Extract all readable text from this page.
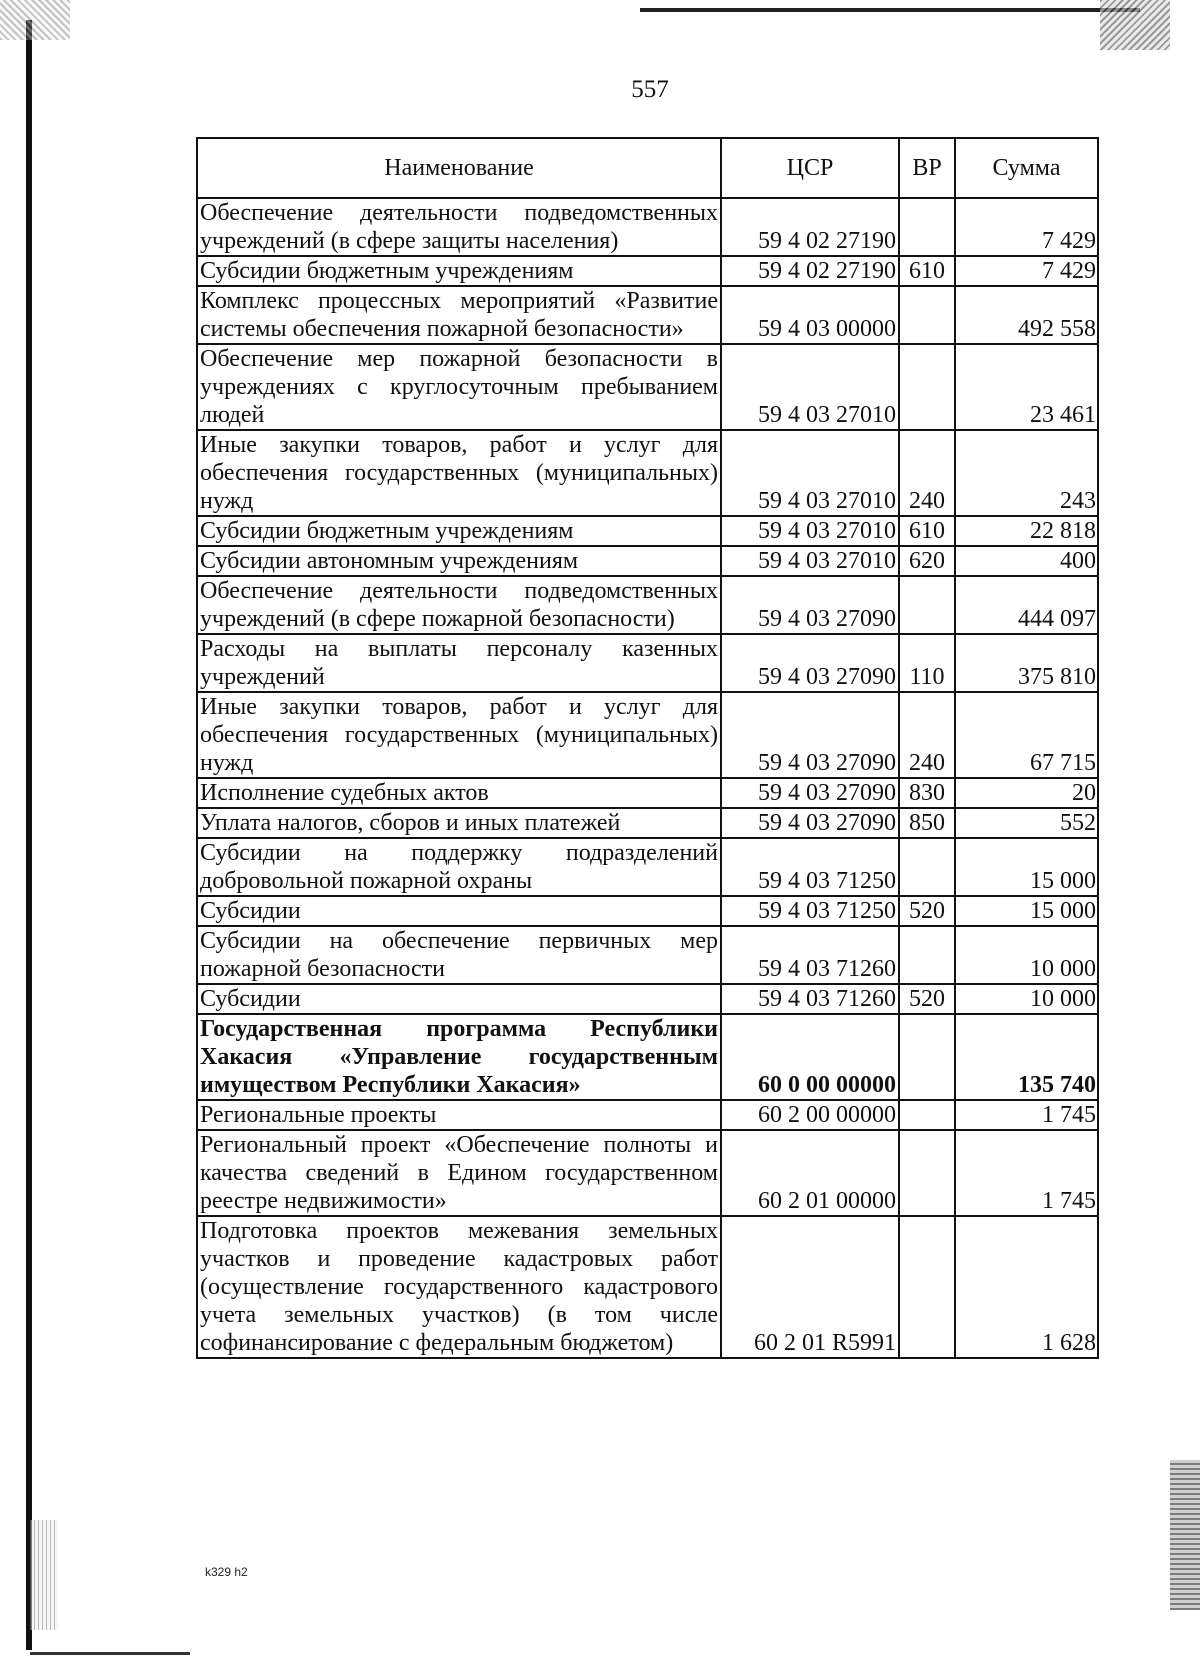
557
Наименование	ЦСР	ВР	Сумма
Обеспечение деятельности подведомственных учреждений (в сфере защиты населения)	59 4 02 27190		7 429
Субсидии бюджетным учреждениям	59 4 02 27190	610	7 429
Комплекс процессных мероприятий «Развитие системы обеспечения пожарной безопасности»	59 4 03 00000		492 558
Обеспечение мер пожарной безопасности в учреждениях с круглосуточным пребыванием людей	59 4 03 27010		23 461
Иные закупки товаров, работ и услуг для обеспечения государственных (муниципальных) нужд	59 4 03 27010	240	243
Субсидии бюджетным учреждениям	59 4 03 27010	610	22 818
Субсидии автономным учреждениям	59 4 03 27010	620	400
Обеспечение деятельности подведомственных учреждений (в сфере пожарной безопасности)	59 4 03 27090		444 097
Расходы на выплаты персоналу казенных учреждений	59 4 03 27090	110	375 810
Иные закупки товаров, работ и услуг для обеспечения государственных (муниципальных) нужд	59 4 03 27090	240	67 715
Исполнение судебных актов	59 4 03 27090	830	20
Уплата налогов, сборов и иных платежей	59 4 03 27090	850	552
Субсидии на поддержку подразделений добровольной пожарной охраны	59 4 03 71250		15 000
Субсидии	59 4 03 71250	520	15 000
Субсидии на обеспечение первичных мер пожарной безопасности	59 4 03 71260		10 000
Субсидии	59 4 03 71260	520	10 000
Государственная программа Республики Хакасия «Управление государственным имуществом Республики Хакасия»	60 0 00 00000		135 740
Региональные проекты	60 2 00 00000		1 745
Региональный проект «Обеспечение полноты и качества сведений в Едином государственном реестре недвижимости»	60 2 01 00000		1 745
Подготовка проектов межевания земельных участков и проведение кадастровых работ (осуществление государственного кадастрового учета земельных участков) (в том числе софинансирование с федеральным бюджетом)	60 2 01 R5991		1 628
k329 h2
